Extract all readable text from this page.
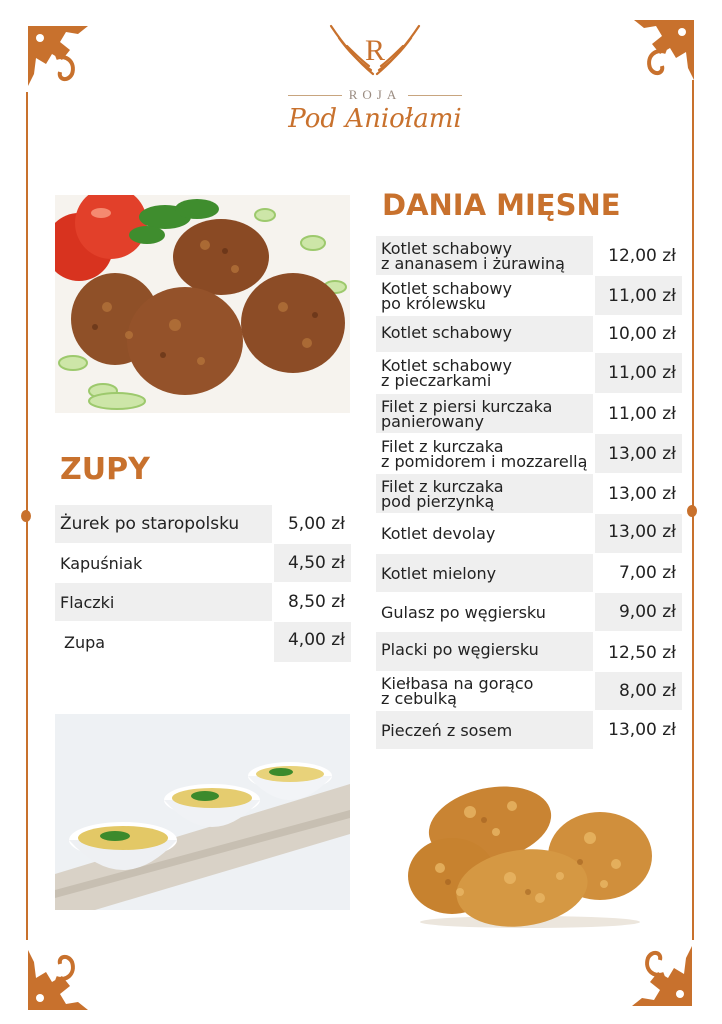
R
ROJA
Pod Aniołami
ZUPY
Żurek po staropolsku	5,00 zł
Kapuśniak	4,50 zł
Flaczki	8,50 zł
Zupa	4,00 zł
DANIA MIĘSNE
Kotlet schabowy
z ananasem i żurawiną	12,00 zł
Kotlet schabowy
po królewsku	11,00 zł
Kotlet schabowy	10,00 zł
Kotlet schabowy
z pieczarkami	11,00 zł
Filet z piersi kurczaka
panierowany	11,00 zł
Filet z kurczaka
z pomidorem i mozzarellą	13,00 zł
Filet z kurczaka
pod pierzynką	13,00 zł
Kotlet devolay	13,00 zł
Kotlet mielony	7,00 zł
Gulasz po węgiersku	9,00 zł
Placki po węgiersku	12,50 zł
Kiełbasa na gorąco
z cebulką	8,00 zł
Pieczeń z sosem	13,00 zł
